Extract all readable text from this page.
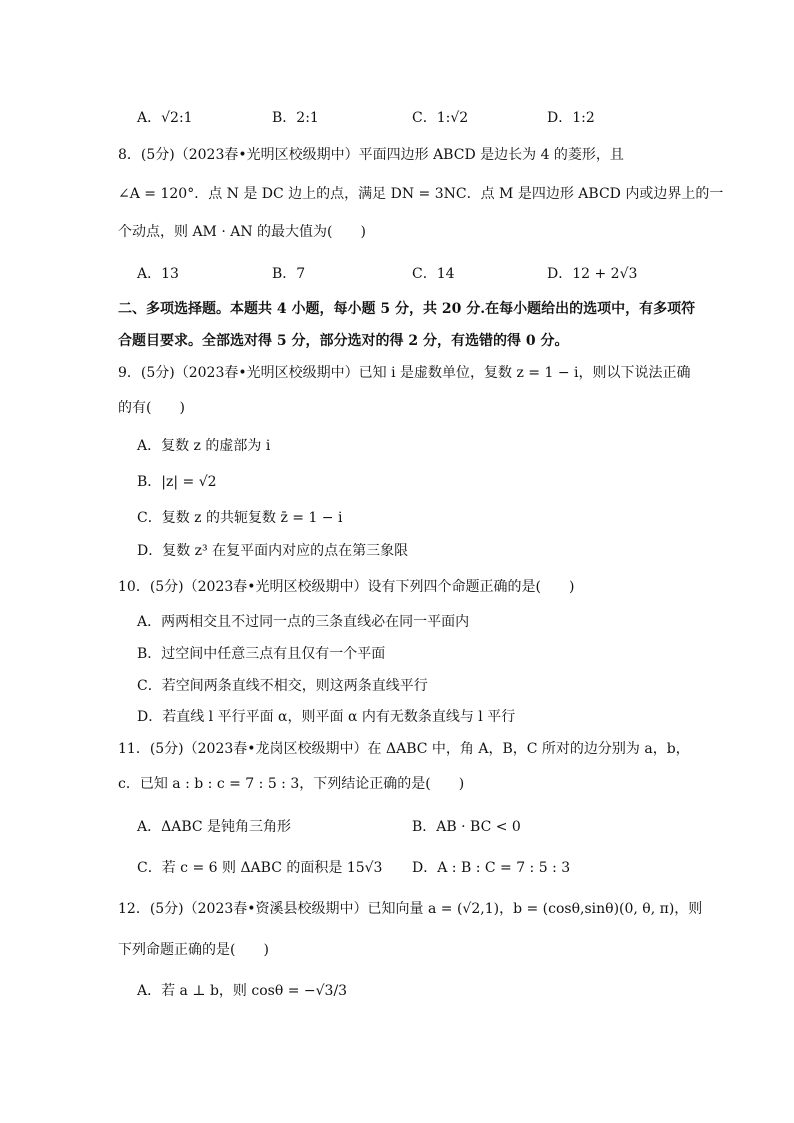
A．√2:1	B．2:1	C．1:√2	D．1:2
8．(5分)（2023春•光明区校级期中）平面四边形 ABCD 是边长为 4 的菱形，且
∠A = 120°．点 N 是 DC 边上的点，满足 DN = 3NC．点 M 是四边形 ABCD 内或边界上的一
个动点，则 AM · AN 的最大值为(　　)
A．13	B．7	C．14	D．12 + 2√3
二、多项选择题。本题共 4 小题，每小题 5 分，共 20 分.在每小题给出的选项中，有多项符
合题目要求。全部选对得 5 分，部分选对的得 2 分，有选错的得 0 分。
9．(5分)（2023春•光明区校级期中）已知 i 是虚数单位，复数 z = 1 − i，则以下说法正确
的有(　　)
A．复数 z 的虚部为 i
B．|z| = √2
C．复数 z 的共轭复数 z̄ = 1 − i
D．复数 z³ 在复平面内对应的点在第三象限
10．(5分)（2023春•光明区校级期中）设有下列四个命题正确的是(　　)
A．两两相交且不过同一点的三条直线必在同一平面内
B．过空间中任意三点有且仅有一个平面
C．若空间两条直线不相交，则这两条直线平行
D．若直线 l 平行平面 α，则平面 α 内有无数条直线与 l 平行
11．(5分)（2023春•龙岗区校级期中）在 ΔABC 中，角 A，B，C 所对的边分别为 a，b，
c．已知 a : b : c = 7 : 5 : 3，下列结论正确的是(　　)
A．ΔABC 是钝角三角形	B．AB · BC < 0
C．若 c = 6 则 ΔABC 的面积是 15√3 D．A : B : C = 7 : 5 : 3
12．(5分)（2023春•资溪县校级期中）已知向量 a = (√2,1)，b = (cosθ,sinθ)(0, θ, π)，则
下列命题正确的是(　　)
A．若 a ⊥ b，则 cosθ = −√3/3
